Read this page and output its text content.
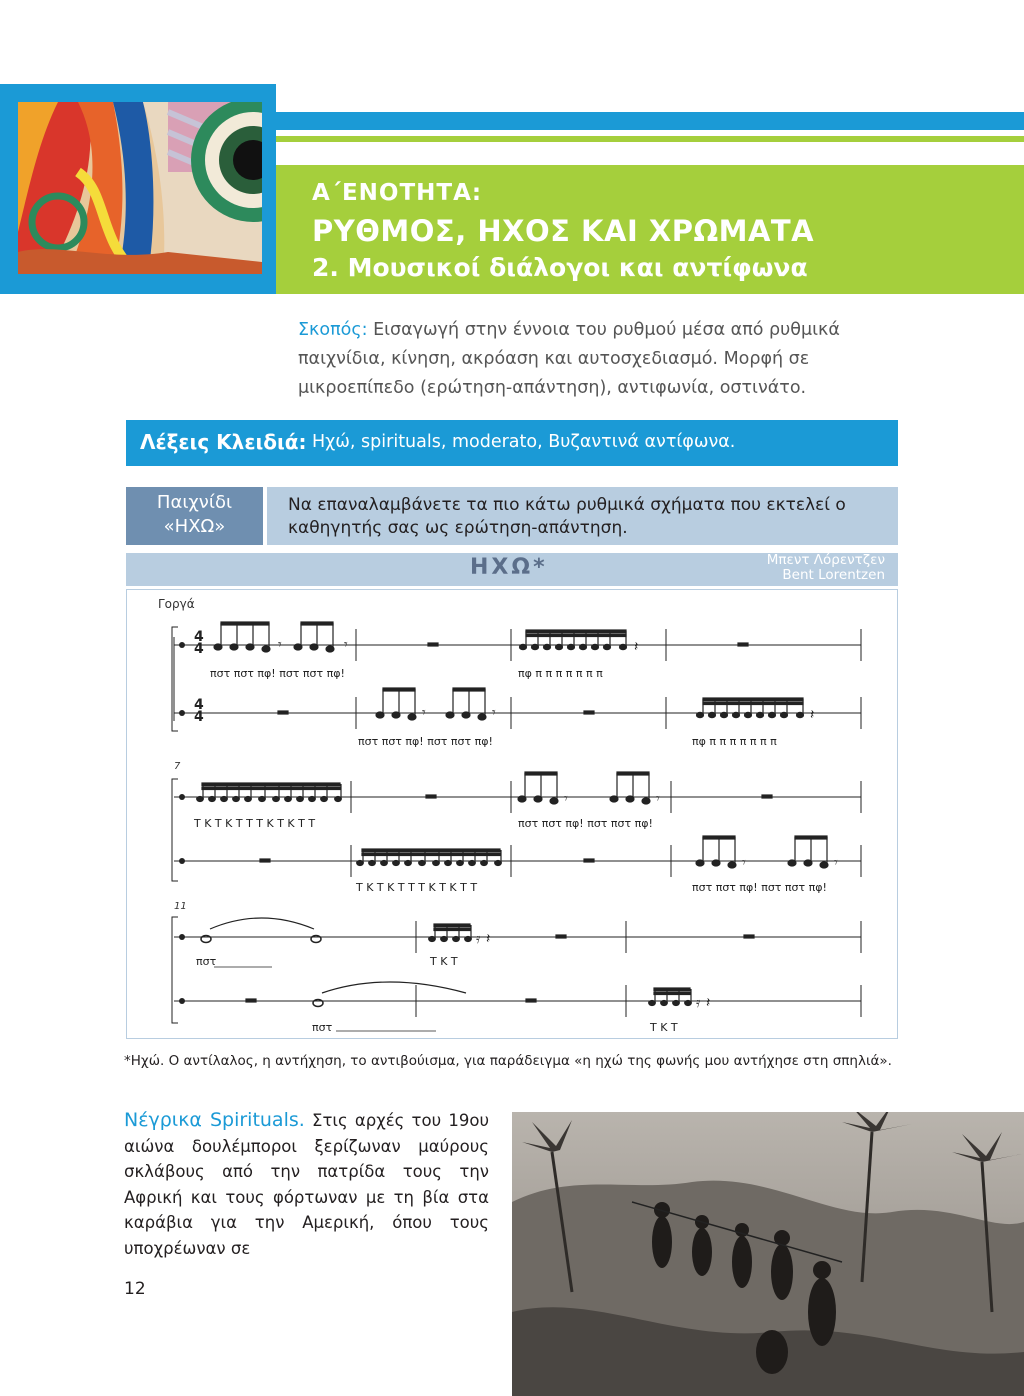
Α΄ΕΝΟΤΗΤΑ:
ΡΥΘΜΟΣ, ΗΧΟΣ ΚΑΙ ΧΡΩΜΑΤΑ
2. Μουσικοί διάλογοι και αντίφωνα
Σκοπός: Εισαγωγή στην έννοια του ρυθμού μέσα από ρυθμικά παιχνίδια, κίνηση, ακρόαση και αυτοσχεδιασμό. Μορφή σε μικροεπίπεδο (ερώτηση-απάντηση), αντιφωνία, οστινάτο.
Λέξεις Κλειδιά: Ηχώ, spirituals, moderato, Βυζαντινά αντίφωνα.
Παιχνίδι
«ΗΧΩ»
Να επαναλαμβάνετε τα πιο κάτω ρυθμικά σχήματα που εκτελεί ο καθηγητής σας ως ερώτηση-απάντηση.
ΗΧΩ*	Μπεντ Λόρεντζεν
Bent Lorentzen
Γοργά
4
4
4
4
𝄾	𝄾
𝄾	𝄾
𝄽
𝄽
𝄾	𝄾
𝄾	𝄾
𝄿 𝄽
𝄿 𝄽
7
11
πστ πστ πφ! πστ πστ πφ!	πφ π π π π π π π
πστ πστ πφ! πστ πστ πφ!	πφ π π π π π π π
Τ Κ Τ Κ Τ Τ Τ Κ Τ Κ Τ Τ	πστ πστ πφ! πστ πστ πφ!
Τ Κ Τ Κ Τ Τ Τ Κ Τ Κ Τ Τ	πστ πστ πφ! πστ πστ πφ!
πστ	Τ Κ Τ
πστ	Τ Κ Τ
*Ηχώ. Ο αντίλαλος, η αντήχηση, το αντιβούισμα, για παράδειγμα «η ηχώ της φωνής μου αντήχησε στη σπηλιά».
Νέγρικα Spirituals. Στις αρχές του 19ου αιώνα δουλέμποροι ξερίζωναν μαύρους σκλάβους από την πατρίδα τους την Αφρική και τους φόρτωναν με τη βία στα καράβια για την Αμερική, όπου τους υποχρέωναν σε
12
